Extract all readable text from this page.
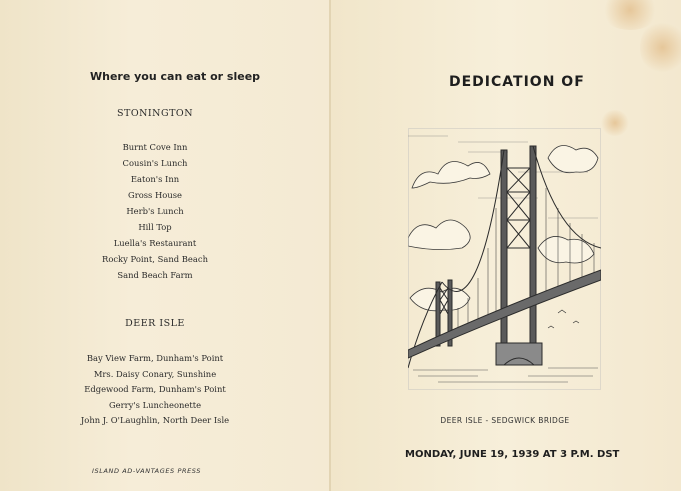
Where you can eat or sleep
STONINGTON
Burnt Cove Inn
Cousin's Lunch
Eaton's Inn
Gross House
Herb's Lunch
Hill Top
Luella's Restaurant
Rocky Point, Sand Beach
Sand Beach Farm
DEER ISLE
Bay View Farm, Dunham's Point
Mrs. Daisy Conary, Sunshine
Edgewood Farm, Dunham's Point
Gerry's Luncheonette
John J. O'Laughlin, North Deer Isle
ISLAND AD-VANTAGES PRESS
DEDICATION OF
DEER ISLE - SEDGWICK BRIDGE
MONDAY, JUNE 19, 1939 AT 3 P.M. DST
